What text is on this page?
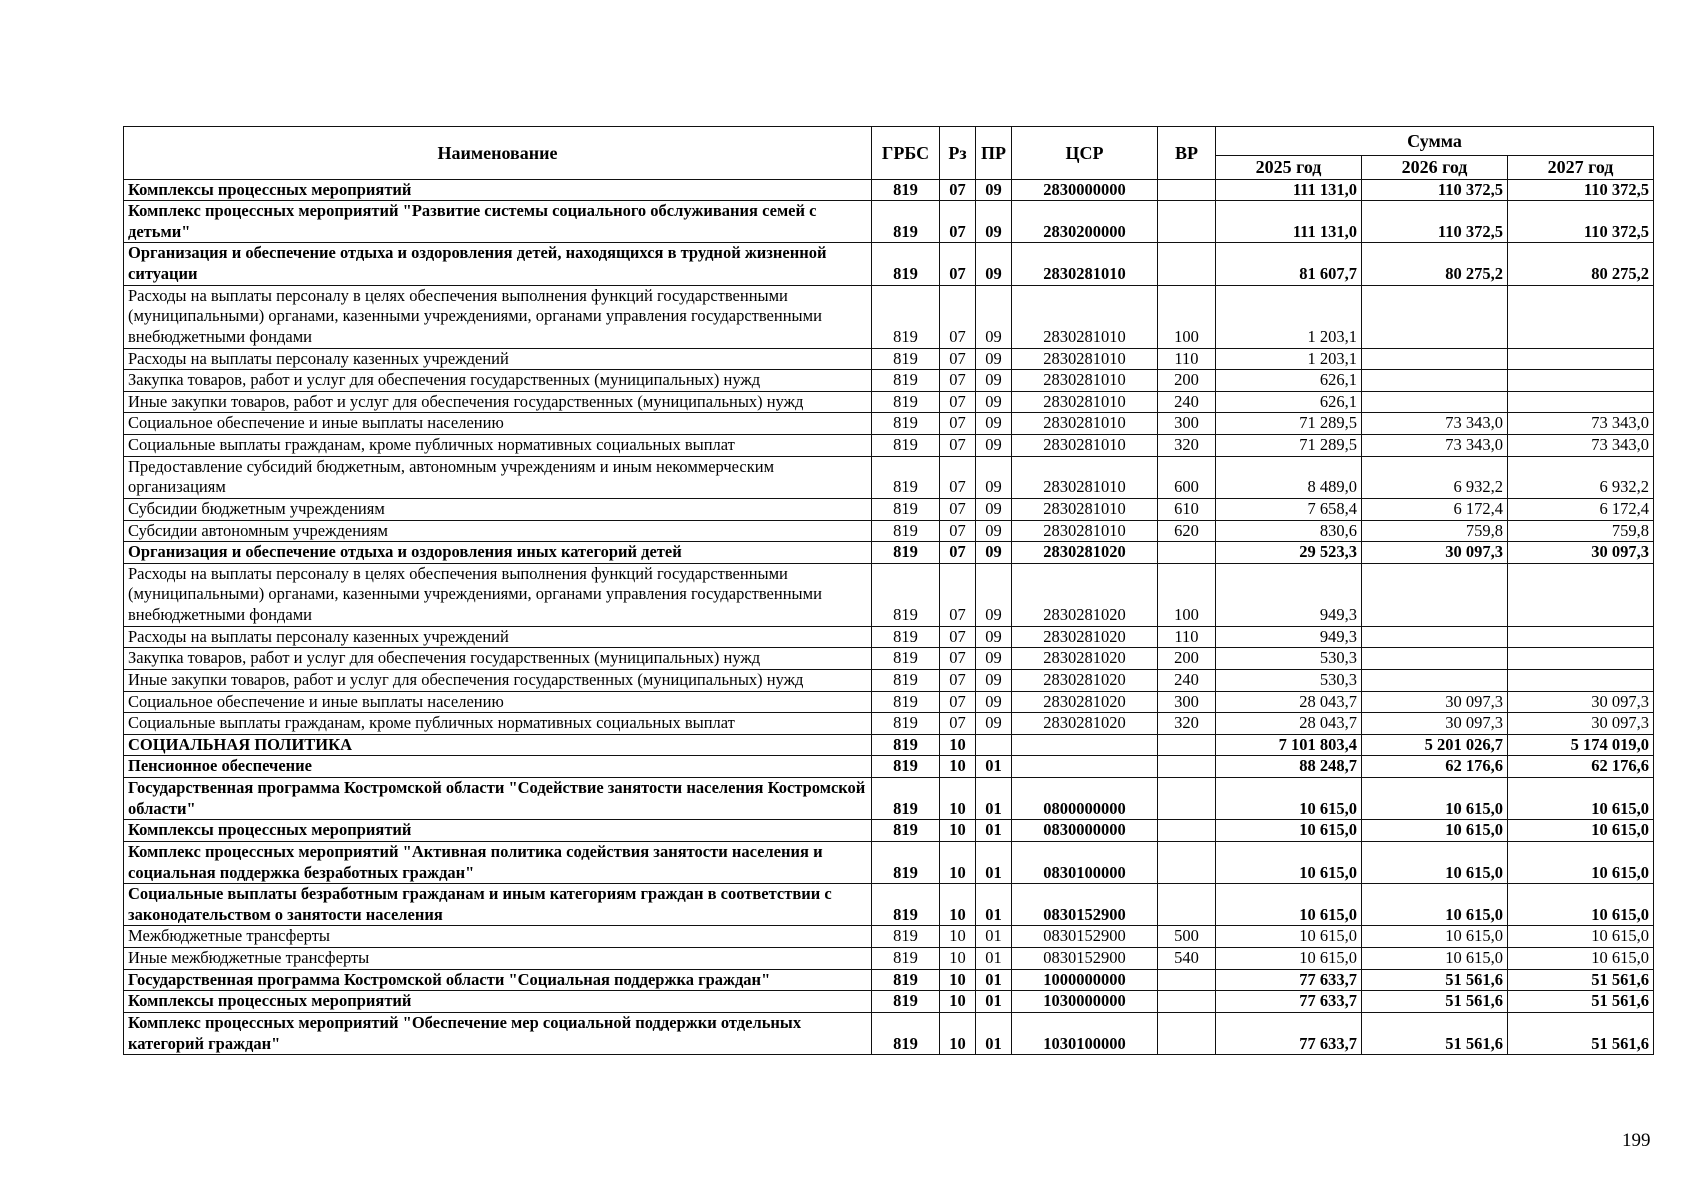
Наименование	ГРБС	Рз	ПР	ЦСР	ВР	Сумма		
						2025 год	2026 год	2027 год
Комплексы процессных мероприятий	819	07	09	2830000000		111 131,0	110 372,5	110 372,5
Комплекс процессных мероприятий "Развитие системы социального обслуживания семей с детьми"	819	07	09	2830200000		111 131,0	110 372,5	110 372,5
Организация и обеспечение отдыха и оздоровления детей, находящихся в трудной жизненной ситуации	819	07	09	2830281010		81 607,7	80 275,2	80 275,2
Расходы на выплаты персоналу в целях обеспечения выполнения функций государственными (муниципальными) органами, казенными учреждениями, органами управления государственными внебюджетными фондами	819	07	09	2830281010	100	1 203,1		
Расходы на выплаты персоналу казенных учреждений	819	07	09	2830281010	110	1 203,1		
Закупка товаров, работ и услуг для обеспечения государственных (муниципальных) нужд	819	07	09	2830281010	200	626,1		
Иные закупки товаров, работ и услуг для обеспечения государственных (муниципальных) нужд	819	07	09	2830281010	240	626,1		
Социальное обеспечение и иные выплаты населению	819	07	09	2830281010	300	71 289,5	73 343,0	73 343,0
Социальные выплаты гражданам, кроме публичных нормативных социальных выплат	819	07	09	2830281010	320	71 289,5	73 343,0	73 343,0
Предоставление субсидий бюджетным, автономным учреждениям и иным некоммерческим организациям	819	07	09	2830281010	600	8 489,0	6 932,2	6 932,2
Субсидии бюджетным учреждениям	819	07	09	2830281010	610	7 658,4	6 172,4	6 172,4
Субсидии автономным учреждениям	819	07	09	2830281010	620	830,6	759,8	759,8
Организация и обеспечение отдыха и оздоровления иных категорий детей	819	07	09	2830281020		29 523,3	30 097,3	30 097,3
Расходы на выплаты персоналу в целях обеспечения выполнения функций государственными (муниципальными) органами, казенными учреждениями, органами управления государственными внебюджетными фондами	819	07	09	2830281020	100	949,3		
Расходы на выплаты персоналу казенных учреждений	819	07	09	2830281020	110	949,3		
Закупка товаров, работ и услуг для обеспечения государственных (муниципальных) нужд	819	07	09	2830281020	200	530,3		
Иные закупки товаров, работ и услуг для обеспечения государственных (муниципальных) нужд	819	07	09	2830281020	240	530,3		
Социальное обеспечение и иные выплаты населению	819	07	09	2830281020	300	28 043,7	30 097,3	30 097,3
Социальные выплаты гражданам, кроме публичных нормативных социальных выплат	819	07	09	2830281020	320	28 043,7	30 097,3	30 097,3
СОЦИАЛЬНАЯ ПОЛИТИКА	819	10				7 101 803,4	5 201 026,7	5 174 019,0
Пенсионное обеспечение	819	10	01			88 248,7	62 176,6	62 176,6
Государственная программа Костромской области "Содействие занятости населения Костромской области"	819	10	01	0800000000		10 615,0	10 615,0	10 615,0
Комплексы процессных мероприятий	819	10	01	0830000000		10 615,0	10 615,0	10 615,0
Комплекс процессных мероприятий "Активная политика содействия занятости населения и социальная поддержка безработных граждан"	819	10	01	0830100000		10 615,0	10 615,0	10 615,0
Социальные выплаты безработным гражданам и иным категориям граждан в соответствии с законодательством о занятости населения	819	10	01	0830152900		10 615,0	10 615,0	10 615,0
Межбюджетные трансферты	819	10	01	0830152900	500	10 615,0	10 615,0	10 615,0
Иные межбюджетные трансферты	819	10	01	0830152900	540	10 615,0	10 615,0	10 615,0
Государственная программа Костромской области "Социальная поддержка граждан"	819	10	01	1000000000		77 633,7	51 561,6	51 561,6
Комплексы процессных мероприятий	819	10	01	1030000000		77 633,7	51 561,6	51 561,6
Комплекс процессных мероприятий "Обеспечение мер социальной поддержки отдельных категорий граждан"	819	10	01	1030100000		77 633,7	51 561,6	51 561,6
199
